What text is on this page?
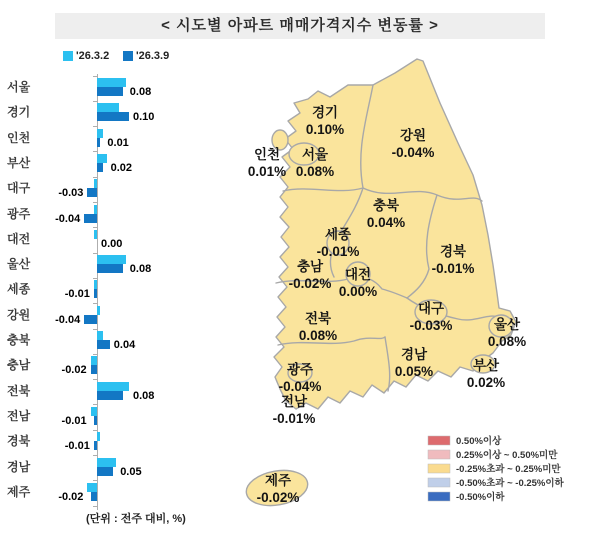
< 시도별 아파트 매매가격지수 변동률 >
'26.3.2 '26.3.9
서울	0.08
경기	0.10
인천	0.01
부산	0.02
대구	-0.03
광주	-0.04
대전	0.00
울산	0.08
세종	-0.01
강원	-0.04
충북	0.04
충남	-0.02
전북	0.08
전남	-0.01
경북	-0.01
경남	0.05
제주	-0.02
(단위 : 전주 대비, %)
경기
0.10%
인천
0.01%
서울
0.08%
강원
-0.04%
충북
0.04%
세종
-0.01%
충남
-0.02%
대전
0.00%
경북
-0.01%
대구
-0.03%
전북
0.08%
울산
0.08%
경남
0.05%
광주
-0.04%
부산
0.02%
전남
-0.01%
제주
-0.02%
0.50%이상
0.25%이상 ~ 0.50%미만
-0.25%초과 ~ 0.25%미만
-0.50%초과 ~ -0.25%이하
-0.50%이하
